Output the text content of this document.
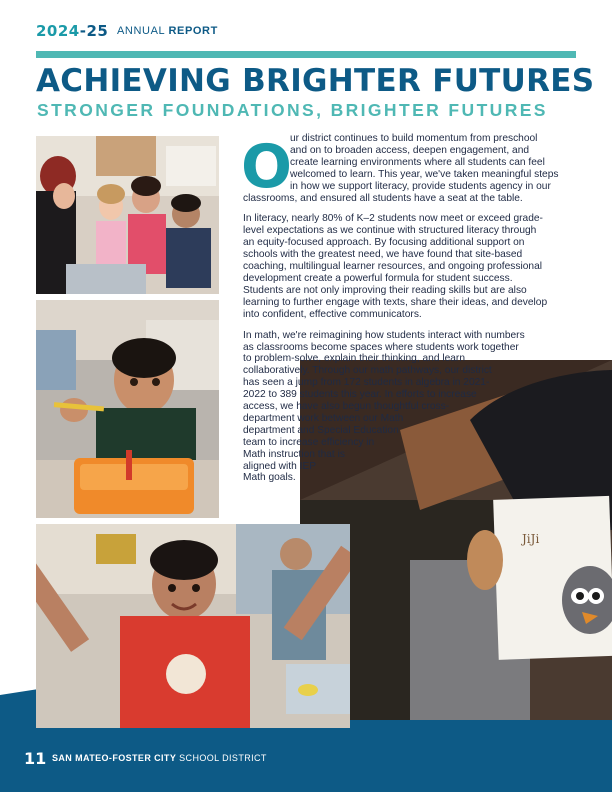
2024-25 ANNUAL REPORT
ACHIEVING BRIGHTER FUTURES
STRONGER FOUNDATIONS, BRIGHTER FUTURES
JiJi
O

ur district continues to build momentum from preschool
and on to broaden access, deepen engagement, and
create learning environments where all students can feel
welcomed to learn. This year, we've taken meaningful steps
in how we support literacy, provide students agency in our

classrooms, and ensured all students have a seat at the table.

In literacy, nearly 80% of K–2 students now meet or exceed grade-
level expectations as we continue with structured literacy through
an equity-focused approach. By focusing additional support on
schools with the greatest need, we have found that site-based
coaching, multilingual learner resources, and ongoing professional
development create a powerful formula for student success.
Students are not only improving their reading skills but are also
learning to further engage with texts, share their ideas, and develop
into confident, effective communicators.

In math, we're reimagining how students interact with numbers
as classrooms become spaces where students work together
to problem-solve, explain their thinking, and learn
collaboratively. Through our math pathways, our district
has seen a jump from 172 students in algebra in 2021-
2022 to 389 students this year. In efforts to increase
access, we have also begun thoughtful cross-
department work between our Math
department and Special Education
team to increase efficiency in
Math instruction that is
aligned with IEP
Math goals.

11 SAN MATEO-FOSTER CITY SCHOOL DISTRICT
